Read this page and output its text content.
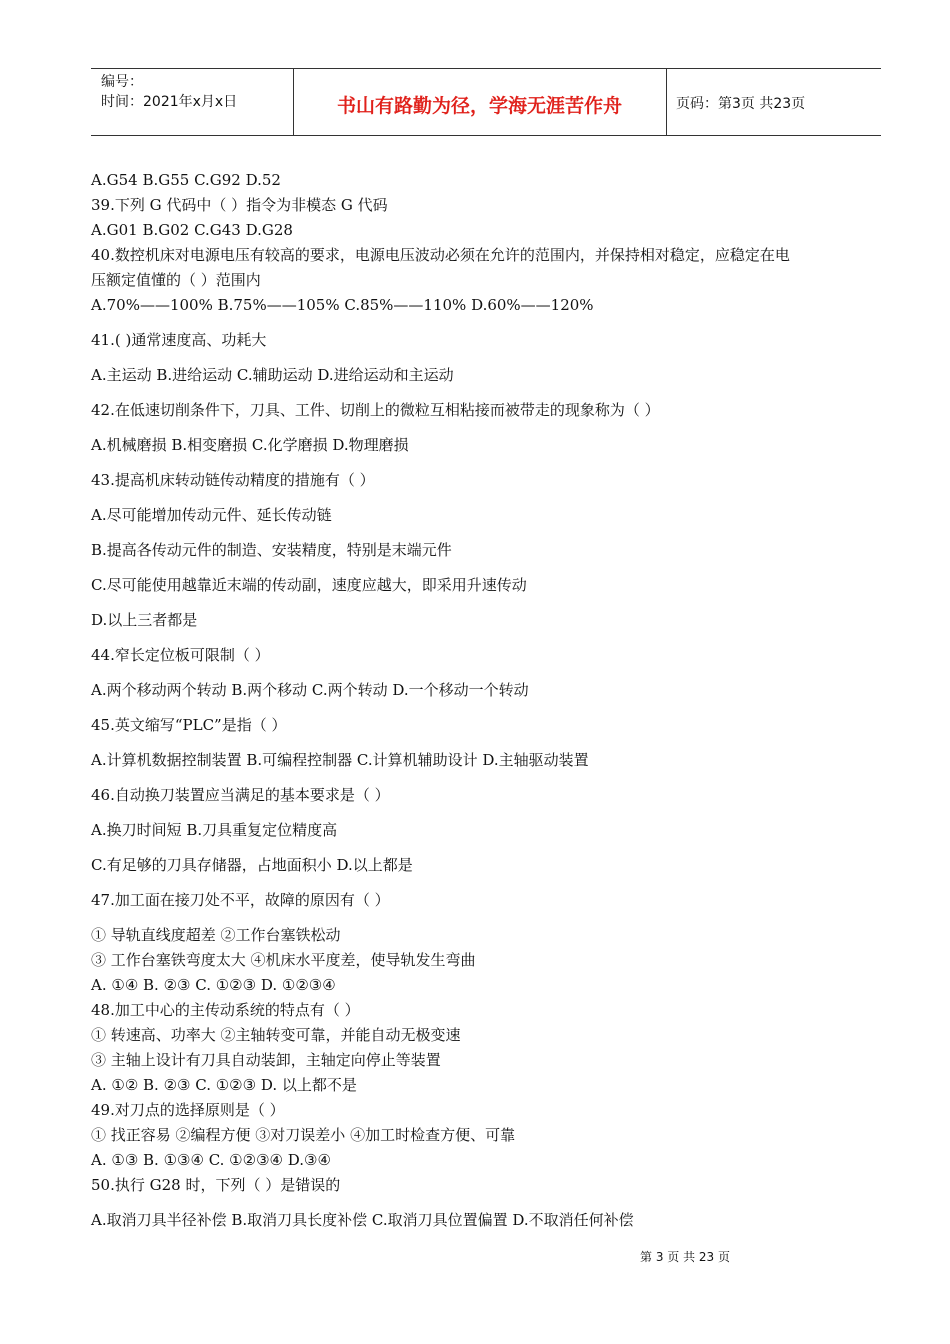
编号：
时间：2021年x月x日	书山有路勤为径，学海无涯苦作舟	页码：第3页 共23页
A.G54 B.G55 C.G92 D.52
39.下列 G 代码中（ ）指令为非模态 G 代码
A.G01 B.G02 C.G43 D.G28
40.数控机床对电源电压有较高的要求，电源电压波动必须在允许的范围内，并保持相对稳定，应稳定在电
压额定值懂的（ ）范围内
A.70%——100% B.75%——105% C.85%——110% D.60%——120%
41.( )通常速度高、功耗大
A.主运动 B.进给运动 C.辅助运动 D.进给运动和主运动
42.在低速切削条件下，刀具、工件、切削上的微粒互相粘接而被带走的现象称为（ ）
A.机械磨损 B.相变磨损 C.化学磨损 D.物理磨损
43.提高机床转动链传动精度的措施有（ ）
A.尽可能增加传动元件、延长传动链
B.提高各传动元件的制造、安装精度，特别是末端元件
C.尽可能使用越靠近末端的传动副，速度应越大，即采用升速传动
D.以上三者都是
44.窄长定位板可限制（ ）
A.两个移动两个转动 B.两个移动 C.两个转动 D.一个移动一个转动
45.英文缩写“PLC”是指（ ）
A.计算机数据控制装置 B.可编程控制器 C.计算机辅助设计 D.主轴驱动装置
46.自动换刀装置应当满足的基本要求是（ ）
A.换刀时间短 B.刀具重复定位精度高
C.有足够的刀具存储器，占地面积小 D.以上都是
47.加工面在接刀处不平，故障的原因有（ ）
① 导轨直线度超差 ②工作台塞铁松动
③ 工作台塞铁弯度太大 ④机床水平度差，使导轨发生弯曲
A. ①④ B. ②③ C. ①②③ D. ①②③④
48.加工中心的主传动系统的特点有（ ）
① 转速高、功率大 ②主轴转变可靠，并能自动无极变速
③ 主轴上设计有刀具自动装卸，主轴定向停止等装置
A. ①② B. ②③ C. ①②③ D. 以上都不是
49.对刀点的选择原则是（ ）
① 找正容易 ②编程方便 ③对刀误差小 ④加工时检查方便、可靠
A. ①③ B. ①③④ C. ①②③④ D.③④
50.执行 G28 时，下列（ ）是错误的
A.取消刀具半径补偿 B.取消刀具长度补偿 C.取消刀具位置偏置 D.不取消任何补偿
第 3 页 共 23 页
